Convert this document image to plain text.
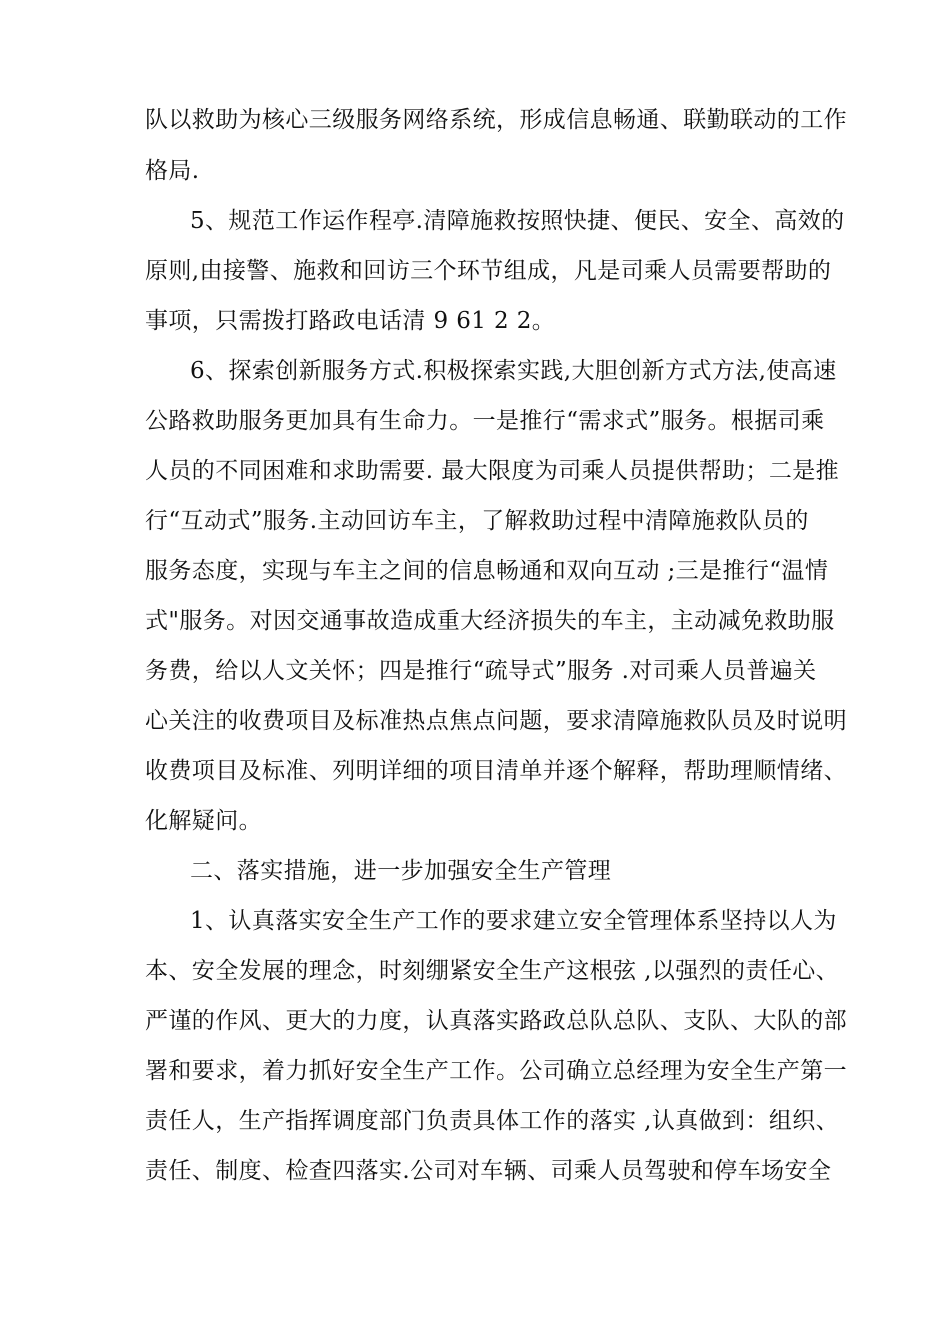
队以救助为核心三级服务网络系统，形成信息畅通、联勤联动的工作
格局.
5、规范工作运作程亭.清障施救按照快捷、便民、安全、高效的
原则,由接警、施救和回访三个环节组成，凡是司乘人员需要帮助的
事项，只需拨打路政电话清 9 61 2 2。
6、探索创新服务方式.积极探索实践,大胆创新方式方法,使高速
公路救助服务更加具有生命力。一是推行“需求式”服务。根据司乘
人员的不同困难和求助需要. 最大限度为司乘人员提供帮助；二是推
行“互动式”服务.主动回访车主，了解救助过程中清障施救队员的
服务态度，实现与车主之间的信息畅通和双向互动 ;三是推行“温情
式"服务。对因交通事故造成重大经济损失的车主，主动减免救助服
务费，给以人文关怀；四是推行“疏导式”服务 .对司乘人员普遍关
心关注的收费项目及标准热点焦点问题，要求清障施救队员及时说明
收费项目及标准、列明详细的项目清单并逐个解释，帮助理顺情绪、
化解疑问。
二、落实措施，进一步加强安全生产管理
1、认真落实安全生产工作的要求建立安全管理体系坚持以人为
本、安全发展的理念，时刻绷紧安全生产这根弦 ,以强烈的责任心、
严谨的作风、更大的力度，认真落实路政总队总队、支队、大队的部
署和要求，着力抓好安全生产工作。公司确立总经理为安全生产第一
责任人，生产指挥调度部门负责具体工作的落实 ,认真做到：组织、
责任、制度、检查四落实.公司对车辆、司乘人员驾驶和停车场安全
